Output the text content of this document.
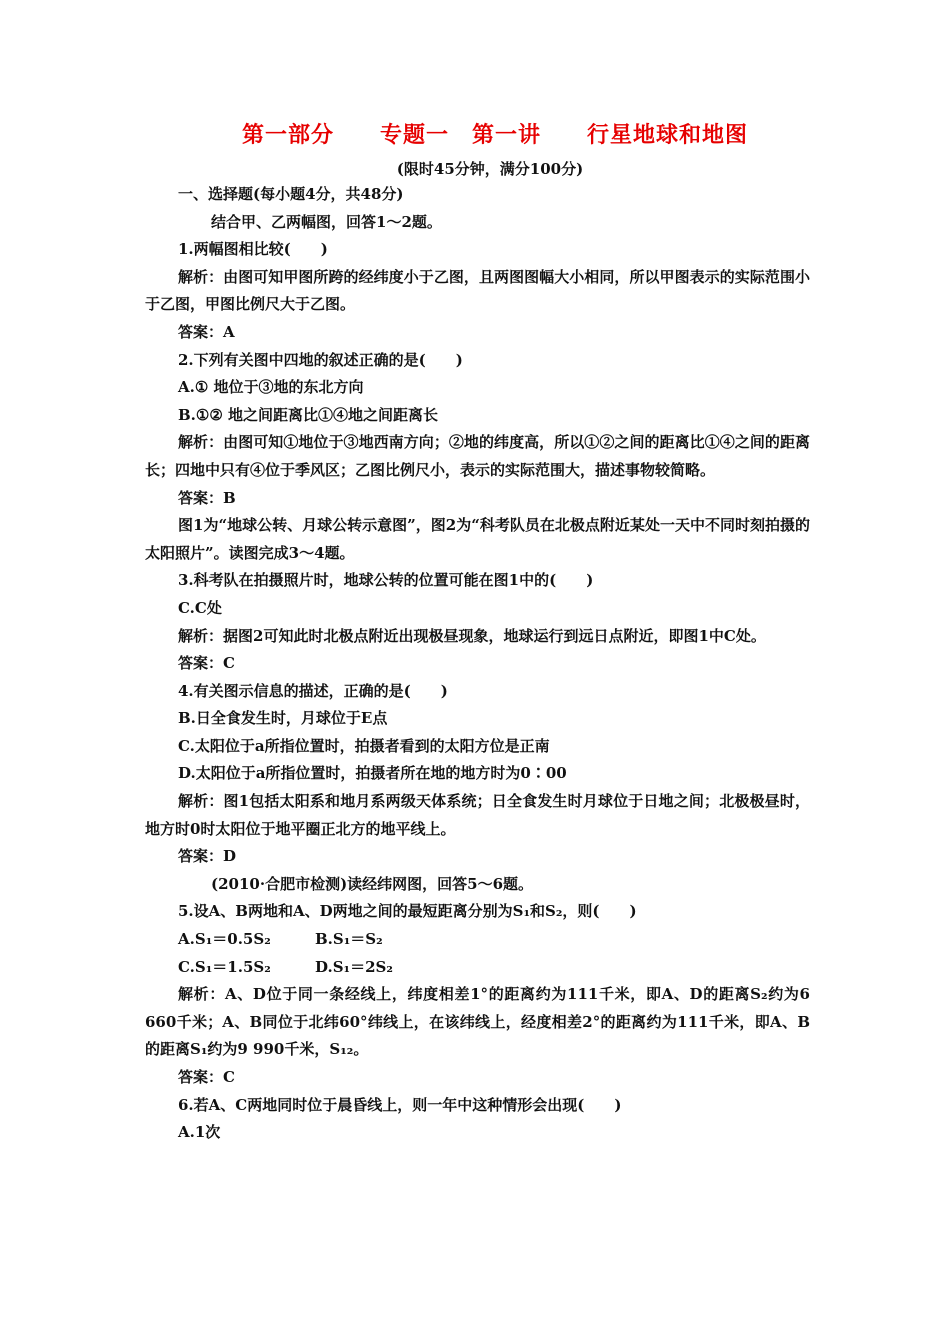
第一部分　　专题一　第一讲　　行星地球和地图
(限时45分钟，满分100分)

一、选择题(每小题4分，共48分)

结合甲、乙两幅图，回答1～2题。

1.两幅图相比较(　　)

解析：由图可知甲图所跨的经纬度小于乙图，且两图图幅大小相同，所以甲图表示的实际范围小于乙图，甲图比例尺大于乙图。

答案：A

2.下列有关图中四地的叙述正确的是(　　)

A.① 地位于③地的东北方向

B.①② 地之间距离比①④地之间距离长

解析：由图可知①地位于③地西南方向；②地的纬度高，所以①②之间的距离比①④之间的距离长；四地中只有④位于季风区；乙图比例尺小，表示的实际范围大，描述事物较简略。

答案：B

图1为“地球公转、月球公转示意图”，图2为“科考队员在北极点附近某处一天中不同时刻拍摄的太阳照片”。读图完成3～4题。

3.科考队在拍摄照片时，地球公转的位置可能在图1中的(　　)

C.C处

解析：据图2可知此时北极点附近出现极昼现象，地球运行到远日点附近，即图1中C处。

答案：C

4.有关图示信息的描述，正确的是(　　)

B.日全食发生时，月球位于E点

C.太阳位于a所指位置时，拍摄者看到的太阳方位是正南

D.太阳位于a所指位置时，拍摄者所在地的地方时为0∶00

解析：图1包括太阳系和地月系两级天体系统；日全食发生时月球位于日地之间；北极极昼时，地方时0时太阳位于地平圈正北方的地平线上。

答案：D

(2010·合肥市检测)读经纬网图，回答5～6题。

5.设A、B两地和A、D两地之间的最短距离分别为S₁和S₂，则(　　)

A.S₁＝0.5S₂	B.S₁＝S₂
C.S₁＝1.5S₂	D.S₁＝2S₂

解析：A、D位于同一条经线上，纬度相差1°的距离约为111千米，即A、D的距离S₂约为6 660千米；A、B同位于北纬60°纬线上，在该纬线上，经度相差2°的距离约为111千米，即A、B的距离S₁约为9 990千米，S₁₂。

答案：C

6.若A、C两地同时位于晨昏线上，则一年中这种情形会出现(　　)

A.1次
